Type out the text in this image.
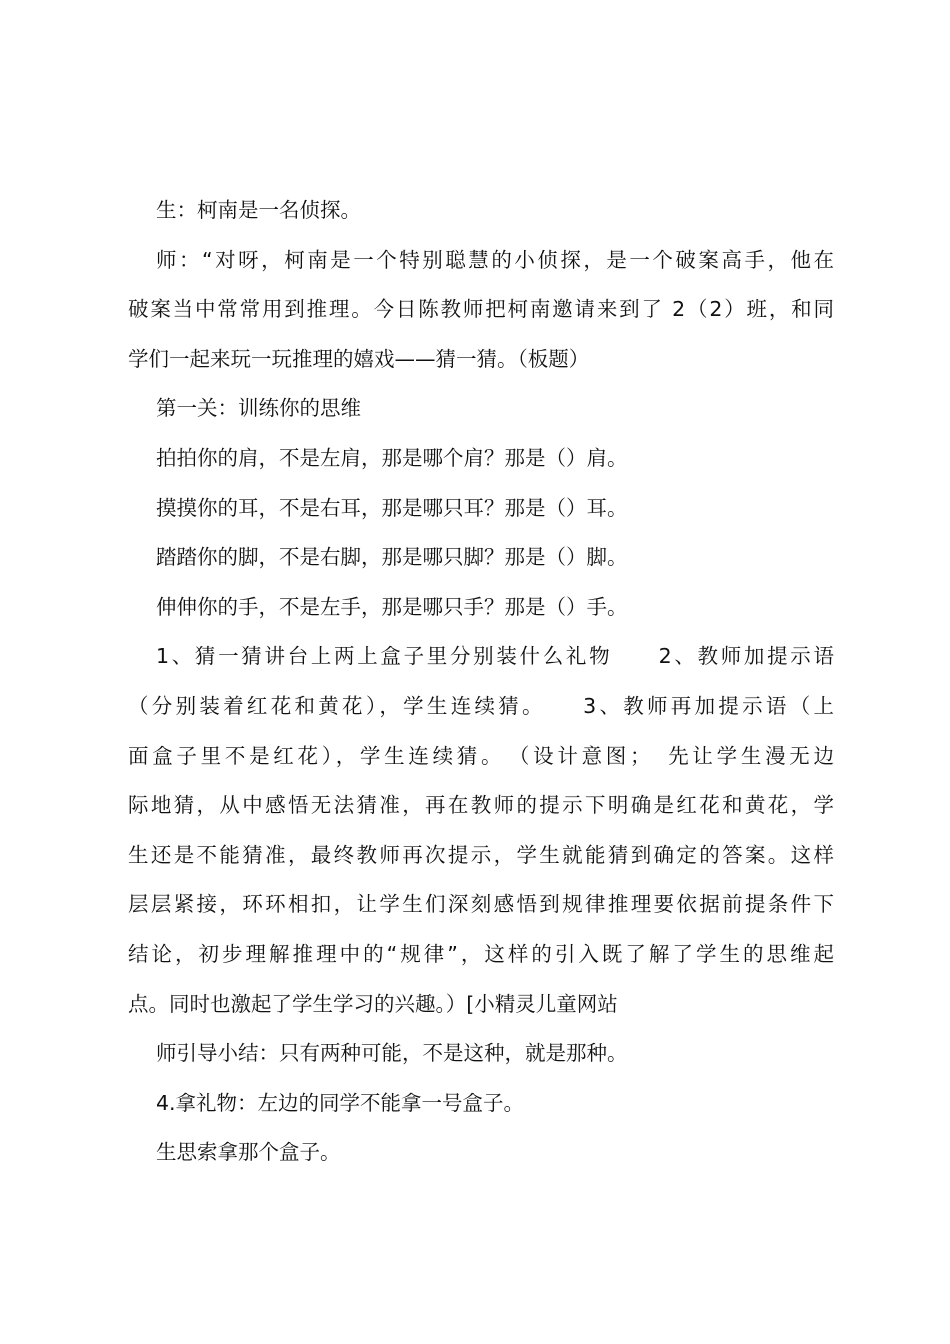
生：柯南是一名侦探。

师：“对呀，柯南是一个特别聪慧的小侦探，是一个破案高手，他在
破案当中常常用到推理。今日陈教师把柯南邀请来到了 2（2）班，和同
学们一起来玩一玩推理的嬉戏——猜一猜。（板题）

第一关：训练你的思维

拍拍你的肩，不是左肩，那是哪个肩？那是（）肩。

摸摸你的耳，不是右耳，那是哪只耳？那是（）耳。

踏踏你的脚，不是右脚，那是哪只脚？那是（）脚。

伸伸你的手，不是左手，那是哪只手？那是（）手。

1、猜一猜讲台上两上盒子里分别装什么礼物　　2、教师加提示语
（分别装着红花和黄花），学生连续猜。　　3、教师再加提示语（上
面盒子里不是红花），学生连续猜。　（设计意图；　先让学生漫无边
际地猜，从中感悟无法猜准，再在教师的提示下明确是红花和黄花，学
生还是不能猜准，最终教师再次提示，学生就能猜到确定的答案。这样
层层紧接，环环相扣，让学生们深刻感悟到规律推理要依据前提条件下
结论，初步理解推理中的“规律”，这样的引入既了解了学生的思维起
点。同时也激起了学生学习的兴趣。）[小精灵儿童网站

师引导小结：只有两种可能，不是这种，就是那种。

4.拿礼物：左边的同学不能拿一号盒子。

生思索拿那个盒子。
